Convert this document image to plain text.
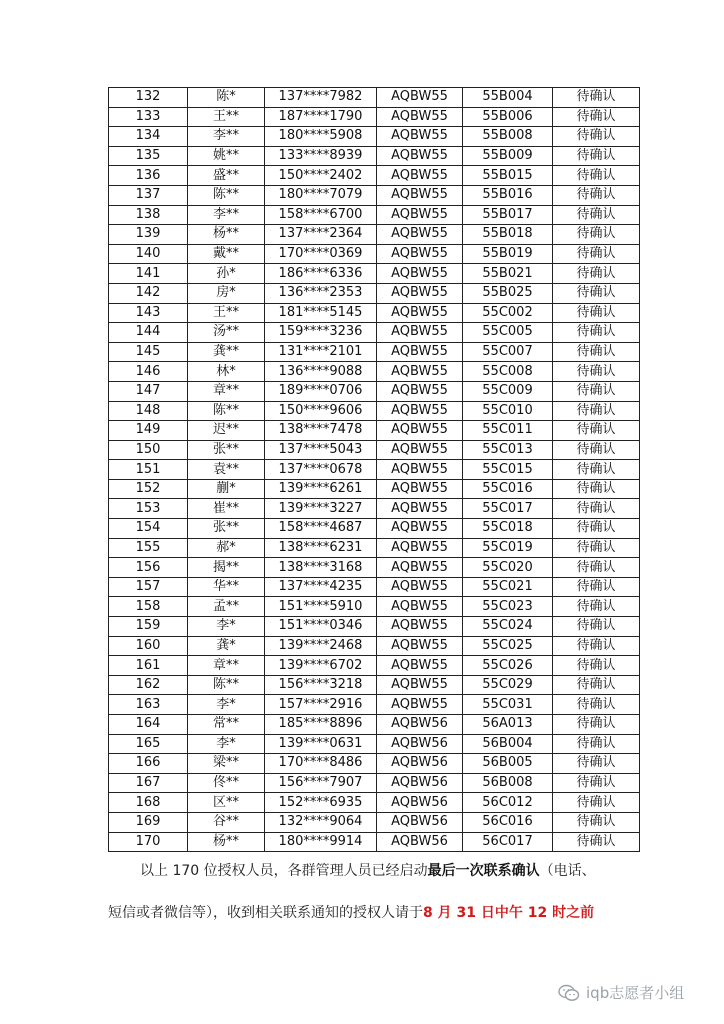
132	陈*	137****7982	AQBW55	55B004	待确认
133	王**	187****1790	AQBW55	55B006	待确认
134	李**	180****5908	AQBW55	55B008	待确认
135	姚**	133****8939	AQBW55	55B009	待确认
136	盛**	150****2402	AQBW55	55B015	待确认
137	陈**	180****7079	AQBW55	55B016	待确认
138	李**	158****6700	AQBW55	55B017	待确认
139	杨**	137****2364	AQBW55	55B018	待确认
140	戴**	170****0369	AQBW55	55B019	待确认
141	孙*	186****6336	AQBW55	55B021	待确认
142	房*	136****2353	AQBW55	55B025	待确认
143	王**	181****5145	AQBW55	55C002	待确认
144	汤**	159****3236	AQBW55	55C005	待确认
145	龚**	131****2101	AQBW55	55C007	待确认
146	林*	136****9088	AQBW55	55C008	待确认
147	章**	189****0706	AQBW55	55C009	待确认
148	陈**	150****9606	AQBW55	55C010	待确认
149	迟**	138****7478	AQBW55	55C011	待确认
150	张**	137****5043	AQBW55	55C013	待确认
151	袁**	137****0678	AQBW55	55C015	待确认
152	蒯*	139****6261	AQBW55	55C016	待确认
153	崔**	139****3227	AQBW55	55C017	待确认
154	张**	158****4687	AQBW55	55C018	待确认
155	郝*	138****6231	AQBW55	55C019	待确认
156	揭**	138****3168	AQBW55	55C020	待确认
157	华**	137****4235	AQBW55	55C021	待确认
158	孟**	151****5910	AQBW55	55C023	待确认
159	李*	151****0346	AQBW55	55C024	待确认
160	龚*	139****2468	AQBW55	55C025	待确认
161	章**	139****6702	AQBW55	55C026	待确认
162	陈**	156****3218	AQBW55	55C029	待确认
163	李*	157****2916	AQBW55	55C031	待确认
164	常**	185****8896	AQBW56	56A013	待确认
165	李*	139****0631	AQBW56	56B004	待确认
166	梁**	170****8486	AQBW56	56B005	待确认
167	佟**	156****7907	AQBW56	56B008	待确认
168	区**	152****6935	AQBW56	56C012	待确认
169	谷**	132****9064	AQBW56	56C016	待确认
170	杨**	180****9914	AQBW56	56C017	待确认
以上 170 位授权人员，各群管理人员已经启动最后一次联系确认（电话、
短信或者微信等），收到相关联系通知的授权人请于8 月 31 日中午 12 时之前
iqb志愿者小组
